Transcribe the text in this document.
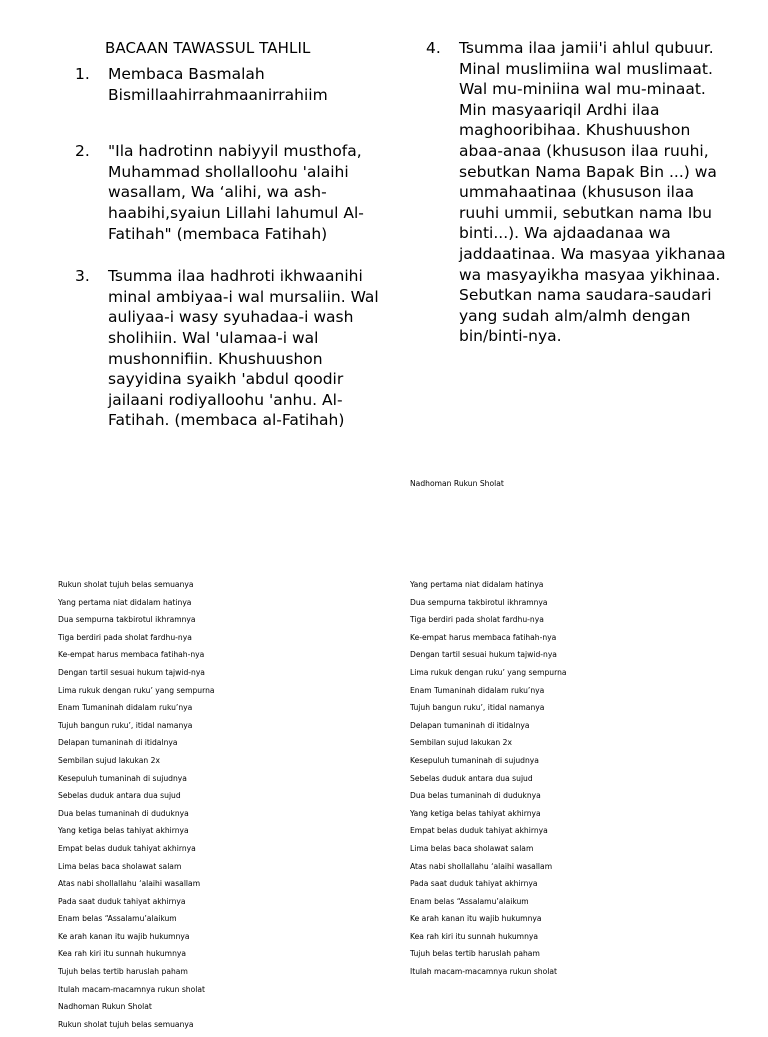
BACAAN TAWASSUL TAHLIL
1.	Membaca Basmalah Bismillaahirrahmaanirrahiim
2.	"Ila hadrotinn nabiyyil musthofa, Muhammad shollalloohu 'alaihi wasallam, Wa ‘alihi, wa ash-haabihi,syaiun Lillahi lahumul Al-Fatihah" (membaca Fatihah)
3.	Tsumma ilaa hadhroti ikhwaanihi minal ambiyaa-i wal mursaliin. Wal auliyaa-i wasy syuhadaa-i wash sholihiin. Wal 'ulamaa-i wal mushonnifiin. Khushuushon sayyidina syaikh 'abdul qoodir jailaani rodiyalloohu 'anhu. Al-Fatihah. (membaca al-Fatihah)
4.	Tsumma ilaa jamii'i ahlul qubuur. Minal muslimiina wal muslimaat. Wal mu-miniina wal mu-minaat. Min masyaariqil Ardhi ilaa maghooribihaa. Khushuushon abaa-anaa (khususon ilaa ruuhi, sebutkan Nama Bapak Bin ...) wa ummahaatinaa (khususon ilaa ruuhi ummii, sebutkan nama Ibu binti...). Wa ajdaadanaa wa jaddaatinaa. Wa masyaa yikhanaa wa masyayikha masyaa yikhinaa. Sebutkan nama saudara-saudari yang sudah alm/almh dengan bin/binti-nya.
Nadhoman Rukun Sholat
Rukun sholat tujuh belas semuanya
Yang pertama niat didalam hatinya
Dua sempurna takbirotul ikhramnya
Tiga berdiri pada sholat fardhu-nya
Ke-empat harus membaca fatihah-nya
Dengan tartil sesuai hukum tajwid-nya
Lima rukuk dengan ruku’ yang sempurna
Enam Tumaninah didalam ruku’nya
Tujuh bangun ruku’, itidal namanya
Delapan tumaninah di itidalnya
Sembilan sujud lakukan 2x
Kesepuluh tumaninah di sujudnya
Sebelas duduk antara dua sujud
Dua belas tumaninah di duduknya
Yang ketiga belas tahiyat akhirnya
Empat belas duduk tahiyat akhirnya
Lima belas baca sholawat salam
Atas nabi shollallahu ‘alaihi wasallam
Pada saat duduk tahiyat akhirnya
Enam belas “Assalamu’alaikum
Ke arah kanan itu wajib hukumnya
Kea rah kiri itu sunnah hukumnya
Tujuh belas tertib haruslah paham
Itulah macam-macamnya rukun sholat
Nadhoman Rukun Sholat
Rukun sholat tujuh belas semuanya
Yang pertama niat didalam hatinya
Dua sempurna takbirotul ikhramnya
Tiga berdiri pada sholat fardhu-nya
Ke-empat harus membaca fatihah-nya
Dengan tartil sesuai hukum tajwid-nya
Lima rukuk dengan ruku’ yang sempurna
Enam Tumaninah didalam ruku’nya
Tujuh bangun ruku’, itidal namanya
Delapan tumaninah di itidalnya
Sembilan sujud lakukan 2x
Kesepuluh tumaninah di sujudnya
Sebelas duduk antara dua sujud
Dua belas tumaninah di duduknya
Yang ketiga belas tahiyat akhirnya
Empat belas duduk tahiyat akhirnya
Lima belas baca sholawat salam
Atas nabi shollallahu ‘alaihi wasallam
Pada saat duduk tahiyat akhirnya
Enam belas “Assalamu’alaikum
Ke arah kanan itu wajib hukumnya
Kea rah kiri itu sunnah hukumnya
Tujuh belas tertib haruslah paham
Itulah macam-macamnya rukun sholat
